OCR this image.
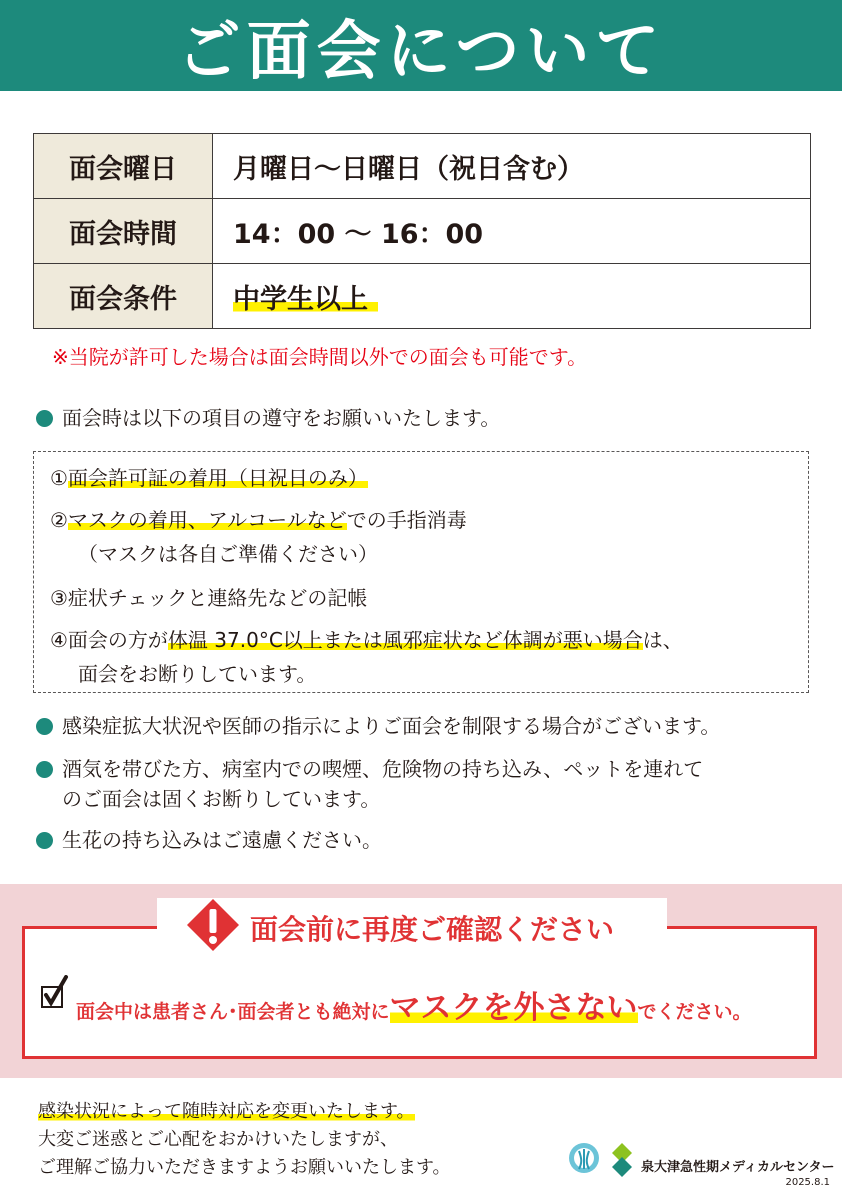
ご面会について
面会曜日	月曜日〜日曜日（祝日含む）
面会時間	14：00 〜 16：00
面会条件	中学生以上
※当院が許可した場合は面会時間以外での面会も可能です。
面会時は以下の項目の遵守をお願いいたします。
①面会許可証の着用（日祝日のみ）
②マスクの着用、アルコールなどでの手指消毒
（マスクは各自ご準備ください）
③症状チェックと連絡先などの記帳
④面会の方が体温 37.0°C以上または風邪症状など体調が悪い場合は、
面会をお断りしています。
感染症拡大状況や医師の指示によりご面会を制限する場合がございます。
酒気を帯びた方、病室内での喫煙、危険物の持ち込み、ペットを連れて
のご面会は固くお断りしています。
生花の持ち込みはご遠慮ください。
面会前に再度ご確認ください
面会中は患者さん･面会者とも絶対にマスクを外さないでください。
感染状況によって随時対応を変更いたします。
大変ご迷惑とご心配をおかけいたしますが、
ご理解ご協力いただきますようお願いいたします。	泉大津急性期メディカルセンター
2025.8.1
